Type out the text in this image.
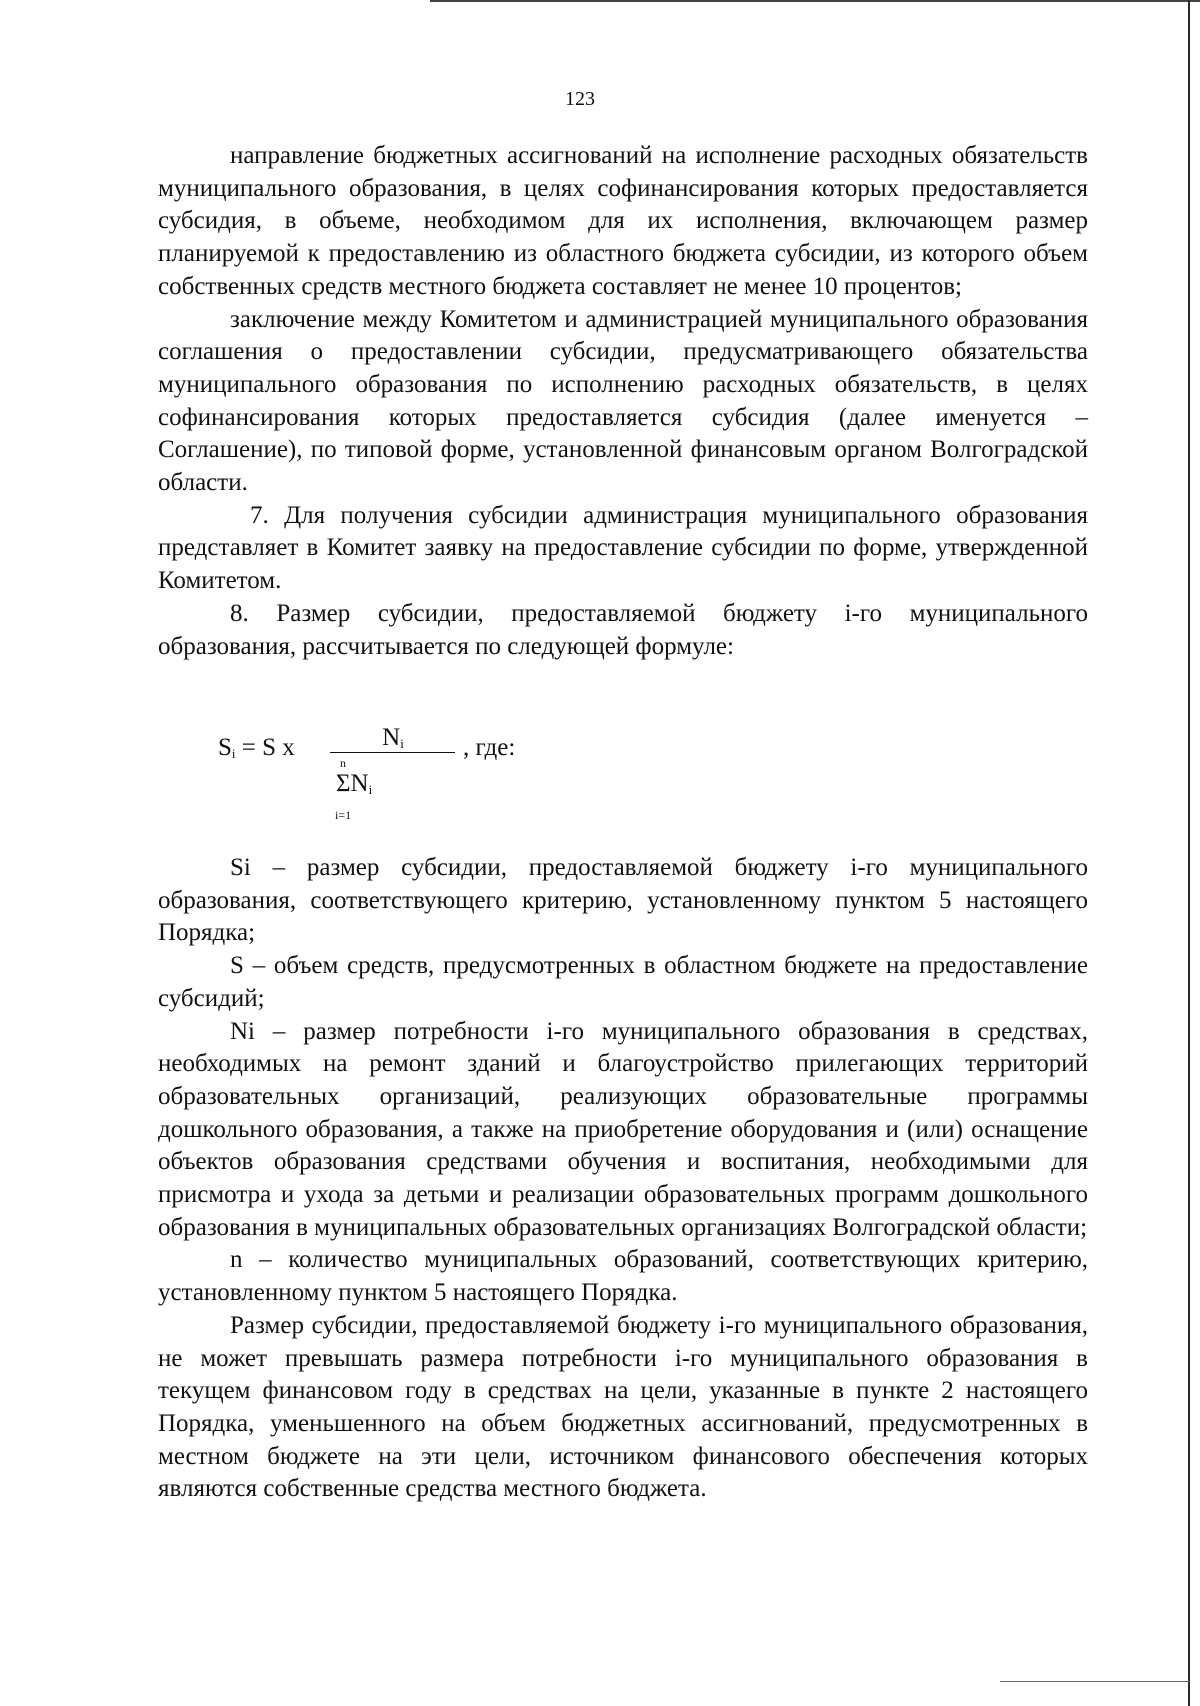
123

направление бюджетных ассигнований на исполнение расходных обязательств муниципального образования, в целях софинансирования которых предоставляется субсидия, в объеме, необходимом для их исполнения, включающем размер планируемой к предоставлению из областного бюджета субсидии, из которого объем собственных средств местного бюджета составляет не менее 10 процентов;

заключение между Комитетом и администрацией муниципального образования соглашения о предоставлении субсидии, предусматривающего обязательства муниципального образования по исполнению расходных обязательств, в целях софинансирования которых предоставляется субсидия (далее именуется – Соглашение), по типовой форме, установленной финансовым органом Волгоградской области.

7. Для получения субсидии администрация муниципального образования представляет в Комитет заявку на предоставление субсидии по форме, утвержденной Комитетом.

8. Размер субсидии, предоставляемой бюджету i-го муниципального образования, рассчитывается по следующей формуле:

$S_i = S$ x	$N_i$
n
$\Sigma N_i$
i=1
, где:

Si – размер субсидии, предоставляемой бюджету i-го муниципального образования, соответствующего критерию, установленному пунктом 5 настоящего Порядка;

S – объем средств, предусмотренных в областном бюджете на предоставление субсидий;

Ni – размер потребности i-го муниципального образования в средствах, необходимых на ремонт зданий и благоустройство прилегающих территорий образовательных организаций, реализующих образовательные программы дошкольного образования, а также на приобретение оборудования и (или) оснащение объектов образования средствами обучения и воспитания, необходимыми для присмотра и ухода за детьми и реализации образовательных программ дошкольного образования в муниципальных образовательных организациях Волгоградской области;

n – количество муниципальных образований, соответствующих критерию, установленному пунктом 5 настоящего Порядка.

Размер субсидии, предоставляемой бюджету i-го муниципального образования, не может превышать размера потребности i-го муниципального образования в текущем финансовом году в средствах на цели, указанные в пункте 2 настоящего Порядка, уменьшенного на объем бюджетных ассигнований, предусмотренных в местном бюджете на эти цели, источником финансового обеспечения которых являются собственные средства местного бюджета.
